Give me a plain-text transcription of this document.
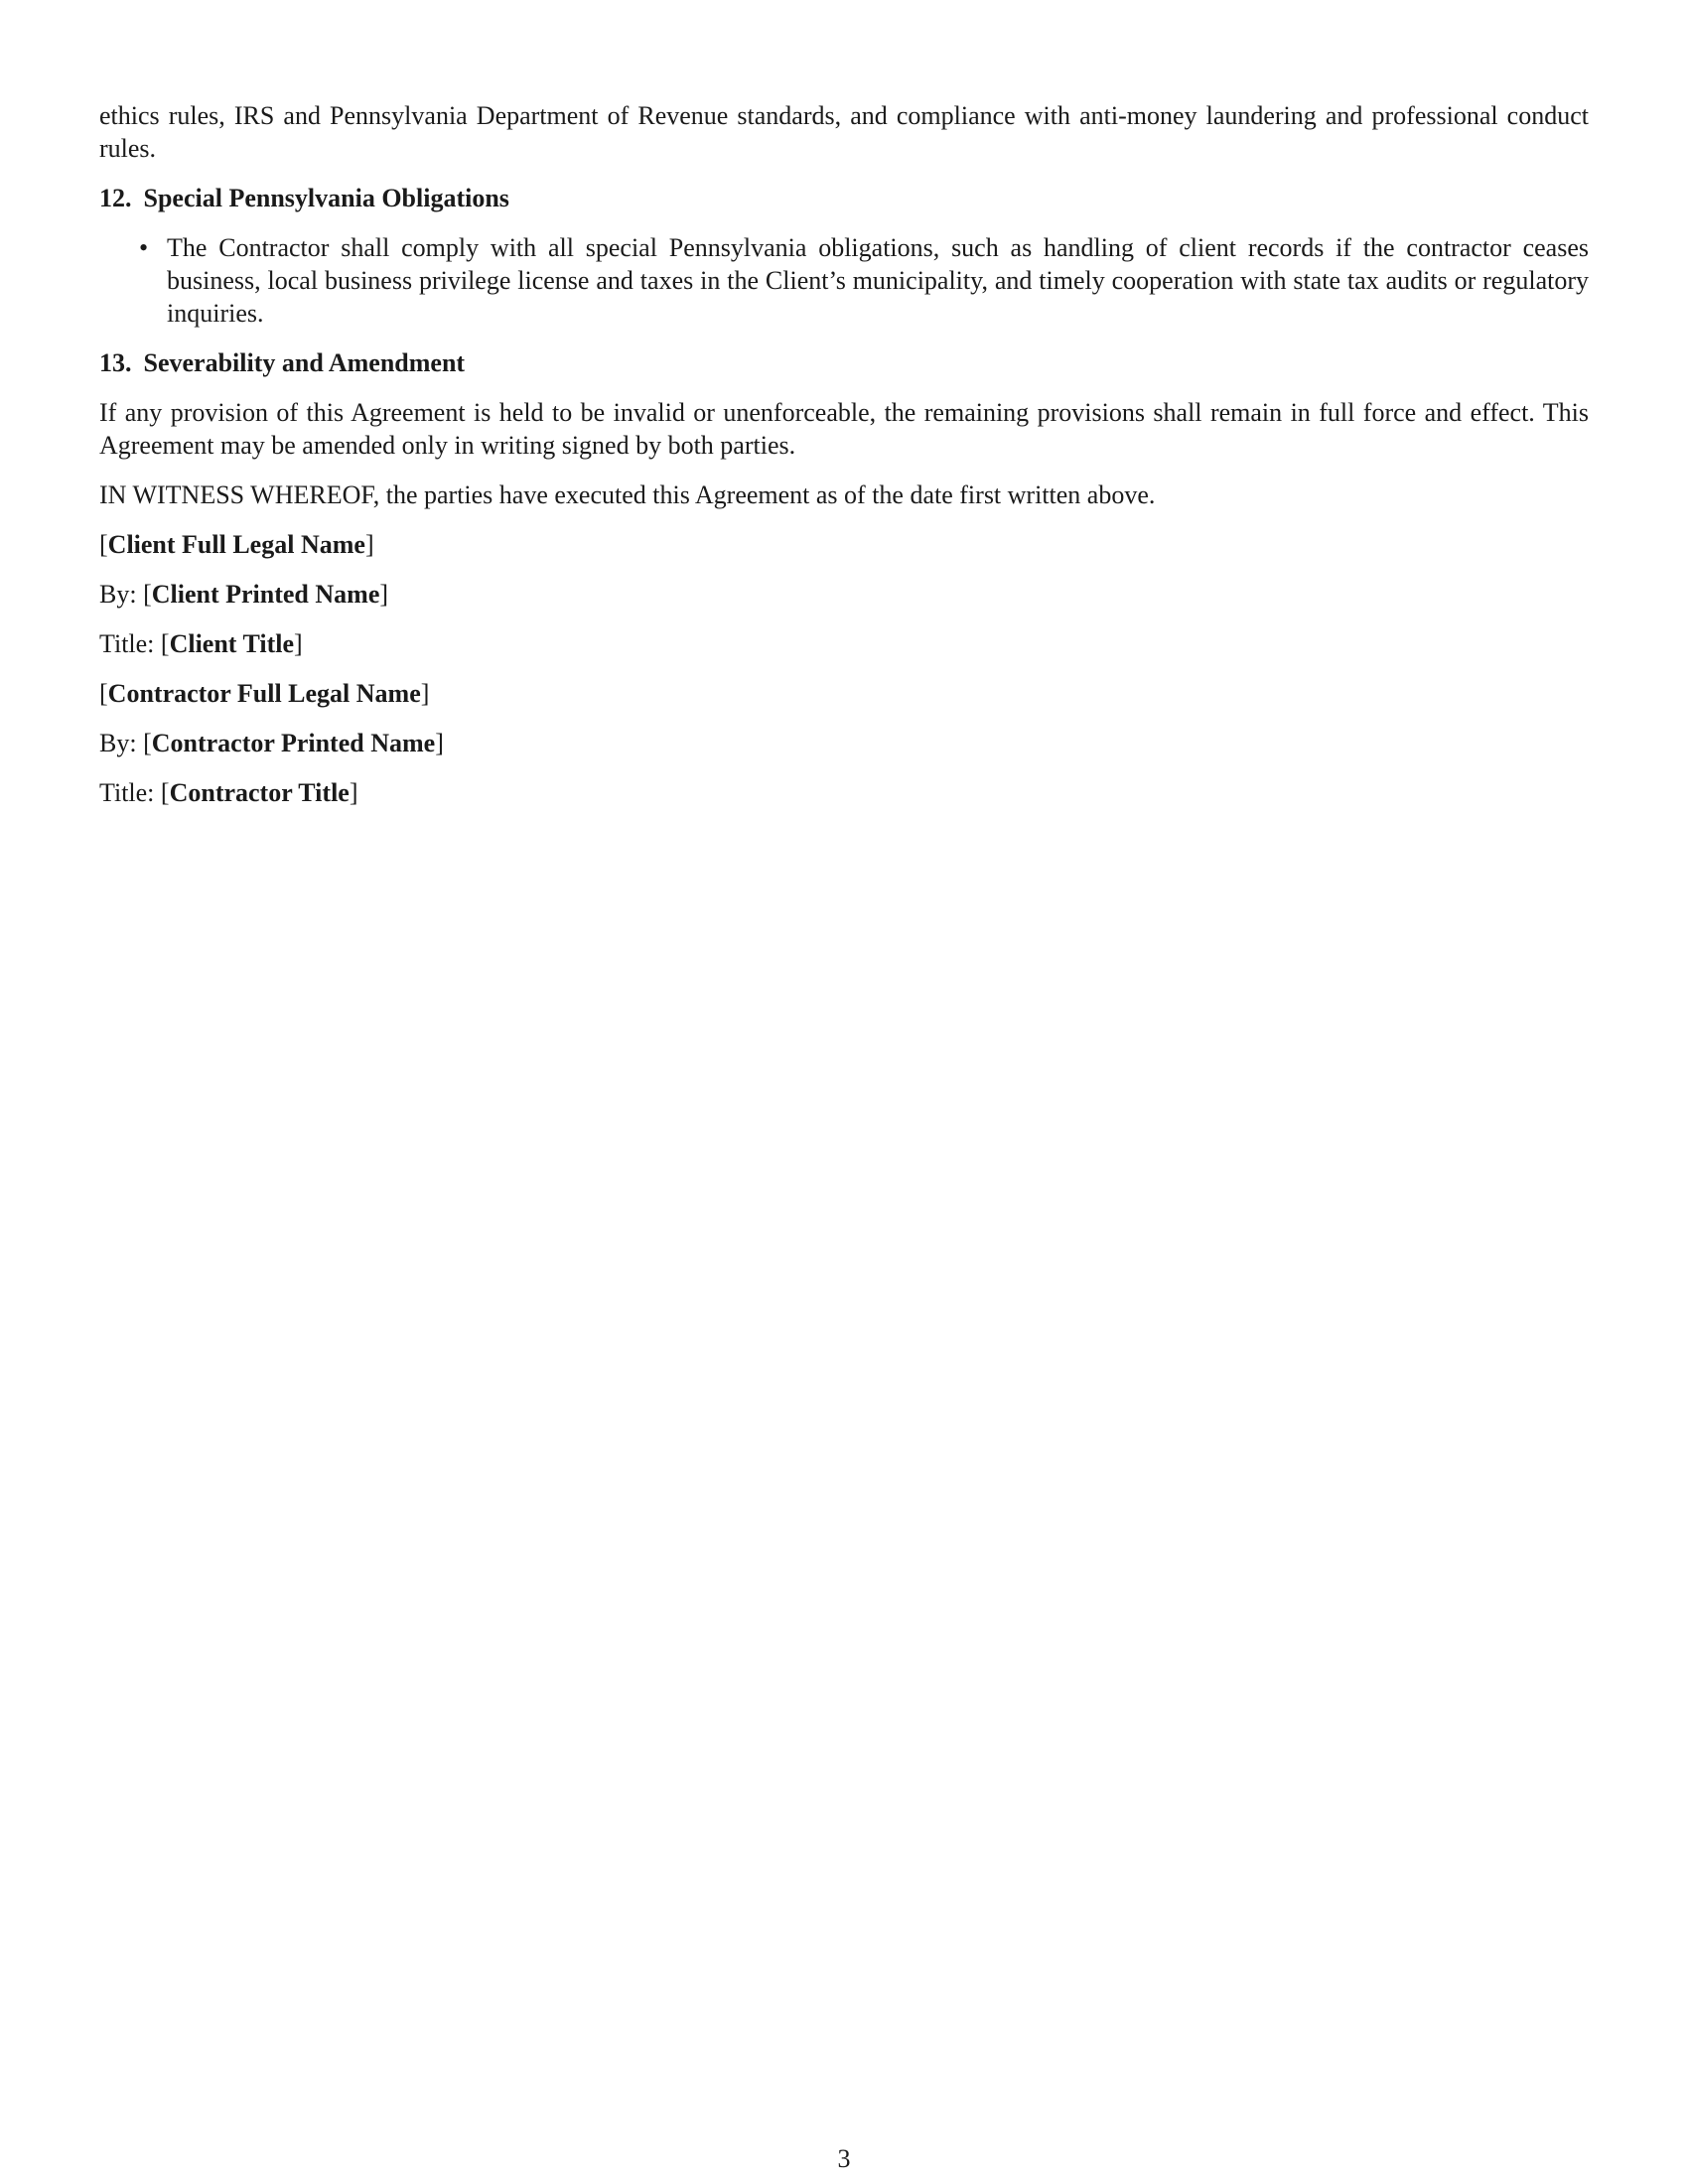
ethics rules, IRS and Pennsylvania Department of Revenue standards, and compliance with anti-money laundering and professional conduct rules.

12. Special Pennsylvania Obligations
• The Contractor shall comply with all special Pennsylvania obligations, such as handling of client records if the contractor ceases business, local business privilege license and taxes in the Client’s municipality, and timely cooperation with state tax audits or regulatory inquiries.
13. Severability and Amendment

If any provision of this Agreement is held to be invalid or unenforceable, the remaining provisions shall remain in full force and effect. This Agreement may be amended only in writing signed by both parties.

IN WITNESS WHEREOF, the parties have executed this Agreement as of the date first written above.

[Client Full Legal Name]
By: [Client Printed Name]
Title: [Client Title]
[Contractor Full Legal Name]
By: [Contractor Printed Name]
Title: [Contractor Title]
3
